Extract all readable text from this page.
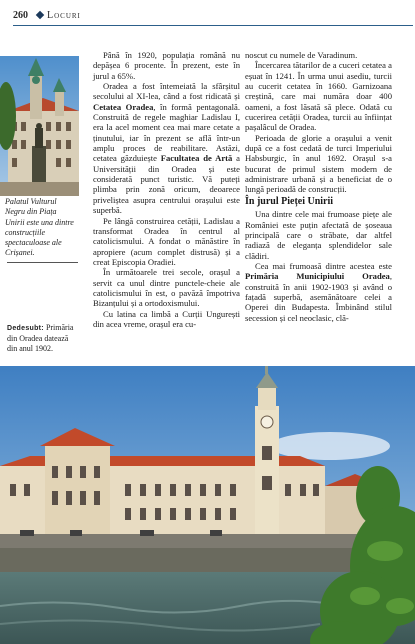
260 Locuri
Palatul Vulturul Negru din Piața Unirii este una dintre construcțiile spectaculoase ale Crișanei.
Dedesubt: Primăria din Oradea datează din anul 1902.

Până în 1920, populația română nu depășea 6 procente. În prezent, este în jurul a 65%.

Oradea a fost întemeiată la sfârșitul secolului al XI-lea, când a fost ridicată și Cetatea Oradea, în formă pentagonală. Construită de regele maghiar Ladislau I, era la acel moment cea mai mare cetate a ținutului, iar în prezent se află într-un amplu proces de reabilitare. Astăzi, cetatea găzduiește Facultatea de Artă a Universității din Oradea și este considerată punct turistic. Vă puteți plimba prin zonă oricum, deoarece priveliștea asupra centrului orașului este superbă.

Pe lângă construirea cetății, Ladislau a transformat Oradea în centrul al catolicismului. A fondat o mănăstire în apropiere (acum complet distrusă) și a creat Episcopia Oradiei.

În următoarele trei secole, orașul a servit ca unul dintre punctele-cheie ale catolicismului în est, o pavăză împotriva Bizanțului și a ortodoxismului.

Cu latina ca limbă a Curții Ungurești din acea vreme, orașul era cu-

noscut cu numele de Varadinum.

Încercarea tătarilor de a cuceri cetatea a eșuat în 1241. În urma unui asediu, turcii au cucerit cetatea în 1660. Garnizoana creștină, care mai număra doar 400 oameni, a fost lăsată să plece. Odată cu cucerirea cetății Oradea, turcii au înființat pașalâcul de Oradea.

Perioada de glorie a orașului a venit după ce a fost cedată de turci Imperiului Habsburgic, în anul 1692. Orașul s-a bucurat de primul sistem modern de administrare urbană și a beneficiat de o lungă perioadă de construcții.

În jurul Pieței Unirii

Una dintre cele mai frumoase piețe ale României este puțin afectată de șoseaua principală care o străbate, dar altfel radiază de eleganța splendidelor sale clădiri.

Cea mai frumoasă dintre acestea este Primăria Municipiului Oradea, construită în anii 1902-1903 și având o fațadă superbă, asemănătoare celei a Operei din Budapesta. Îmbinând stilul secession și cel neoclasic, clă-
